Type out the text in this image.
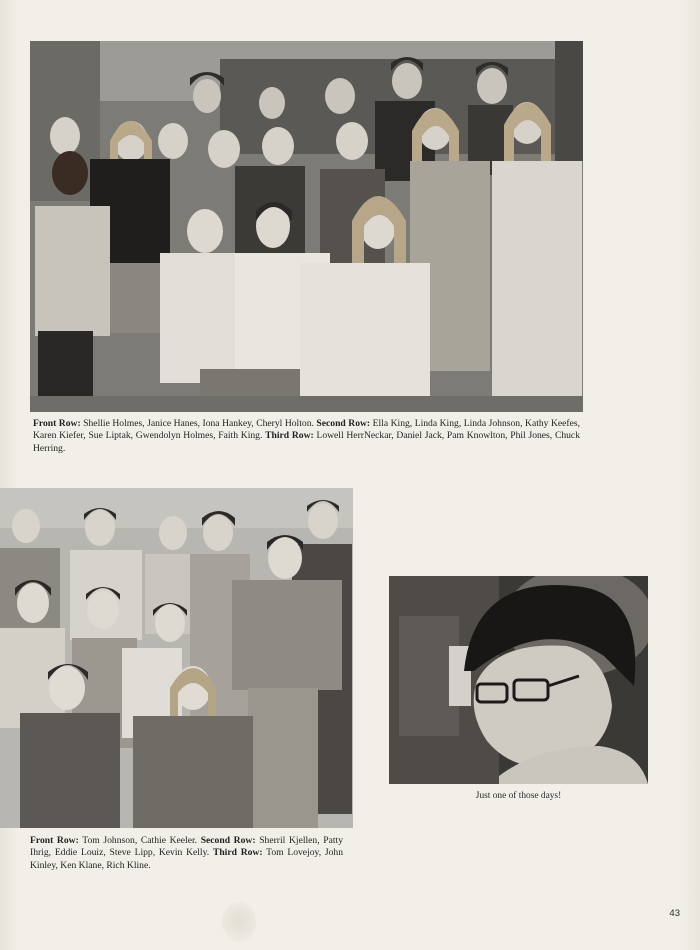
Front Row: Shellie Holmes, Janice Hanes, Iona Hankey, Cheryl Holton. Second Row: Ella King, Linda King, Linda Johnson, Kathy Keefes, Karen Kiefer, Sue Liptak, Gwendolyn Holmes, Faith King. Third Row: Lowell HerrNeckar, Daniel Jack, Pam Knowlton, Phil Jones, Chuck Herring.
Front Row: Tom Johnson, Cathie Keeler. Second Row: Sherril Kjellen, Patty Ihrig, Eddie Louiz, Steve Lipp, Kevin Kelly. Third Row: Tom Lovejoy, John Kinley, Ken Klane, Rich Kline.
Just one of those days!
43
